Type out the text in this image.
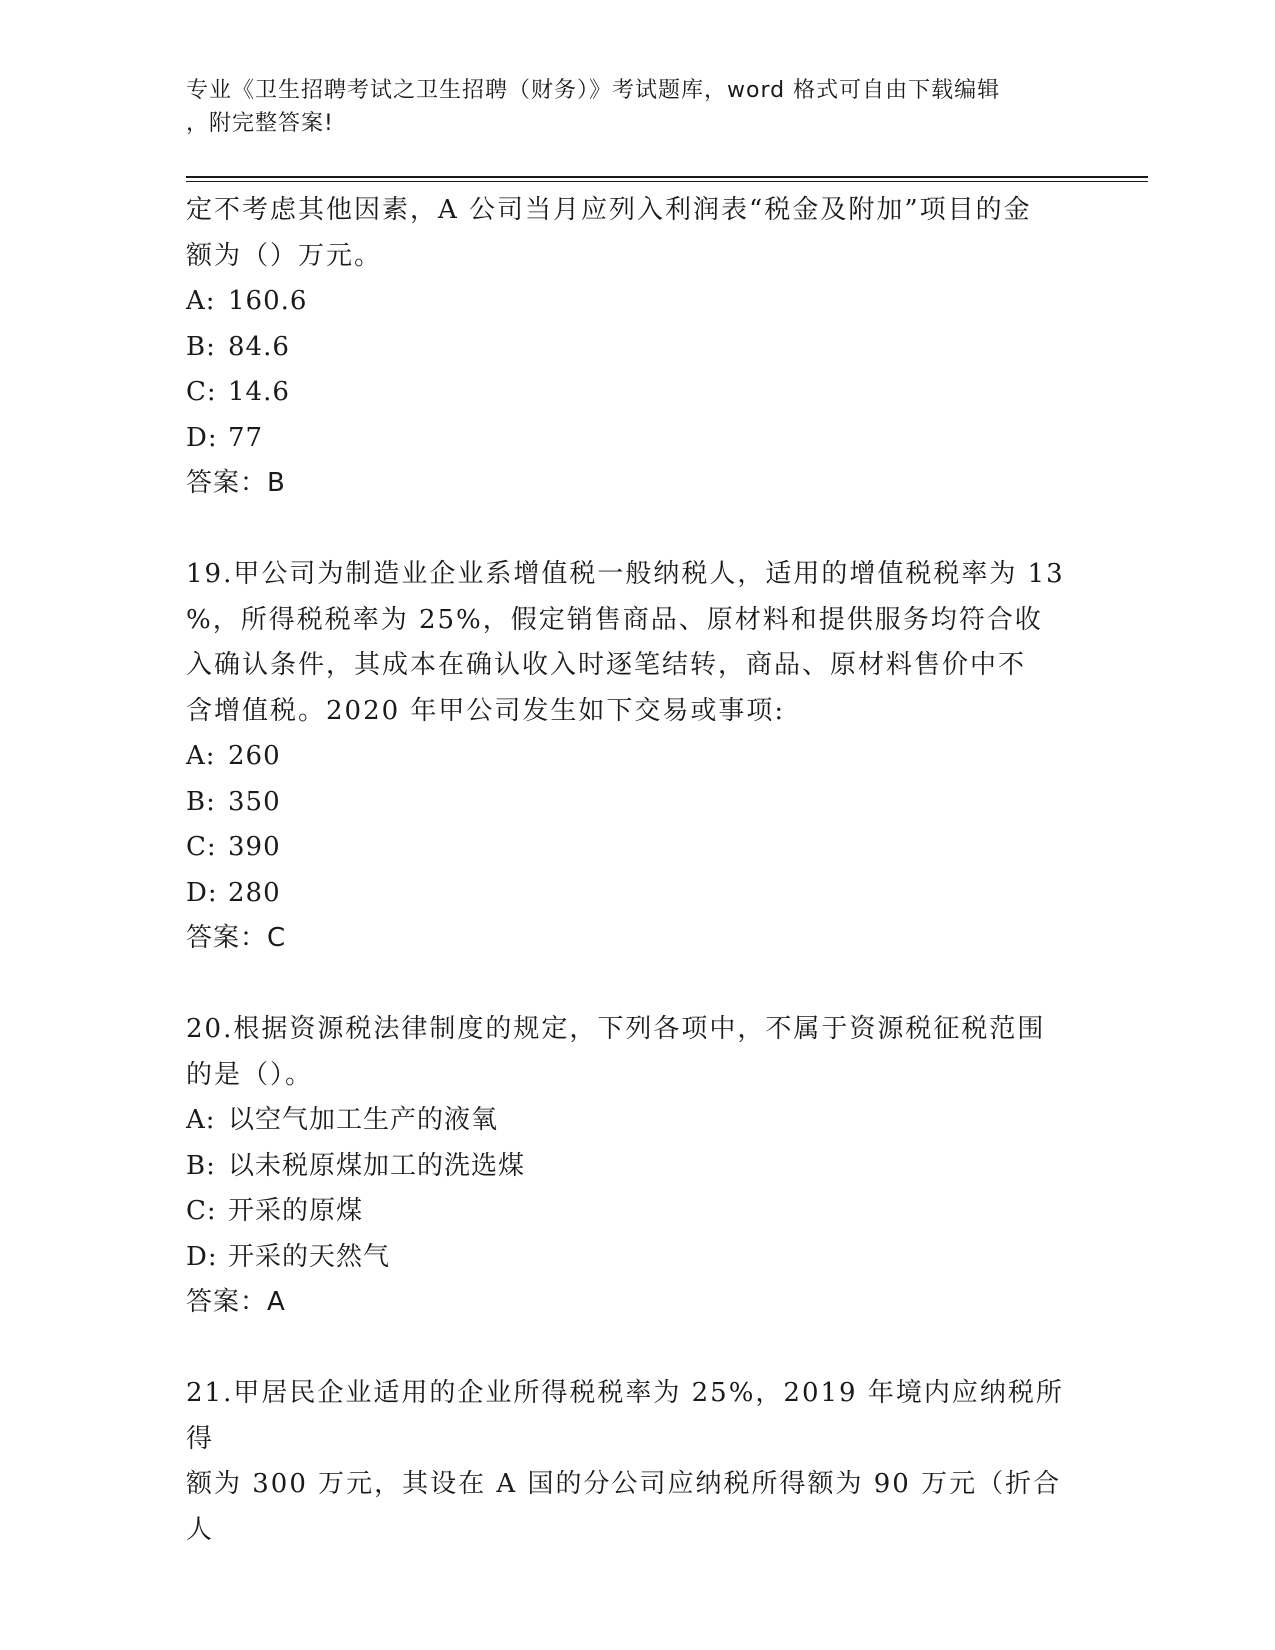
专业《卫生招聘考试之卫生招聘（财务）》考试题库，word 格式可自由下载编辑
，附完整答案!

定不考虑其他因素，A 公司当月应列入利润表“税金及附加”项目的金

额为（）万元。

A: 160.6

B: 84.6

C: 14.6

D: 77

答案：B

19.甲公司为制造业企业系增值税一般纳税人，适用的增值税税率为 13

%，所得税税率为 25%，假定销售商品、原材料和提供服务均符合收

入确认条件，其成本在确认收入时逐笔结转，商品、原材料售价中不

含增值税。2020 年甲公司发生如下交易或事项:

A: 260

B: 350

C: 390

D: 280

答案：C

20.根据资源税法律制度的规定，下列各项中，不属于资源税征税范围

的是（）。

A: 以空气加工生产的液氧

B: 以未税原煤加工的洗选煤

C: 开采的原煤

D: 开采的天然气

答案：A

21.甲居民企业适用的企业所得税税率为 25%，2019 年境内应纳税所得

额为 300 万元，其设在 A 国的分公司应纳税所得额为 90 万元（折合人
